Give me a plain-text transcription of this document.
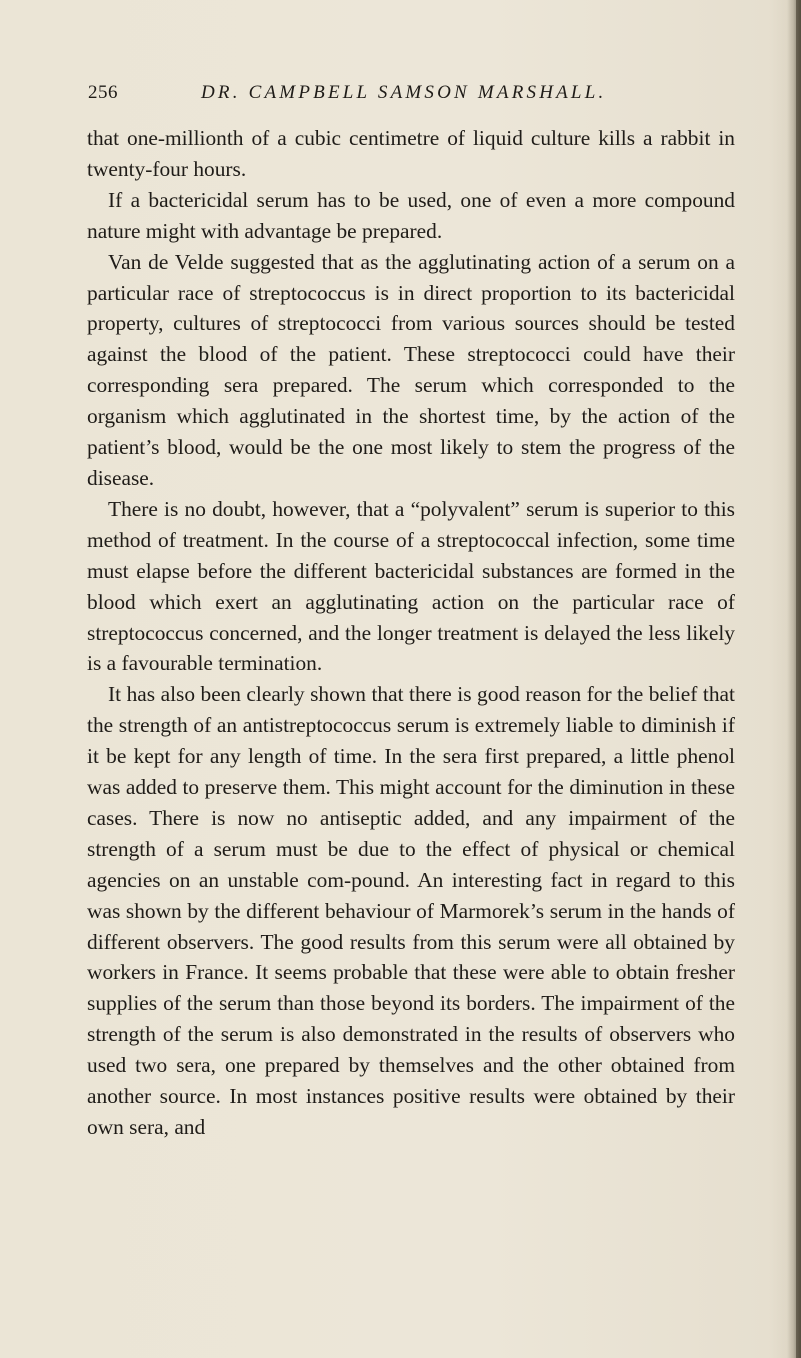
256	DR. CAMPBELL SAMSON MARSHALL.

that one-millionth of a cubic centimetre of liquid culture kills a rabbit in twenty-four hours.

If a bactericidal serum has to be used, one of even a more compound nature might with advantage be prepared.

Van de Velde suggested that as the agglutinating action of a serum on a particular race of streptococcus is in direct proportion to its bactericidal property, cultures of streptococci from various sources should be tested against the blood of the patient. These streptococci could have their corresponding sera prepared. The serum which corresponded to the organism which agglutinated in the shortest time, by the action of the patient’s blood, would be the one most likely to stem the progress of the disease.

There is no doubt, however, that a “polyvalent” serum is superior to this method of treatment. In the course of a streptococcal infection, some time must elapse before the different bactericidal substances are formed in the blood which exert an agglutinating action on the particular race of streptococcus concerned, and the longer treatment is delayed the less likely is a favourable termination.

It has also been clearly shown that there is good reason for the belief that the strength of an antistreptococcus serum is extremely liable to diminish if it be kept for any length of time. In the sera first prepared, a little phenol was added to preserve them. This might account for the diminution in these cases. There is now no antiseptic added, and any impairment of the strength of a serum must be due to the effect of physical or chemical agencies on an unstable com-pound. An interesting fact in regard to this was shown by the different behaviour of Marmorek’s serum in the hands of different observers. The good results from this serum were all obtained by workers in France. It seems probable that these were able to obtain fresher supplies of the serum than those beyond its borders. The impairment of the strength of the serum is also demonstrated in the results of observers who used two sera, one prepared by themselves and the other obtained from another source. In most instances positive results were obtained by their own sera, and
